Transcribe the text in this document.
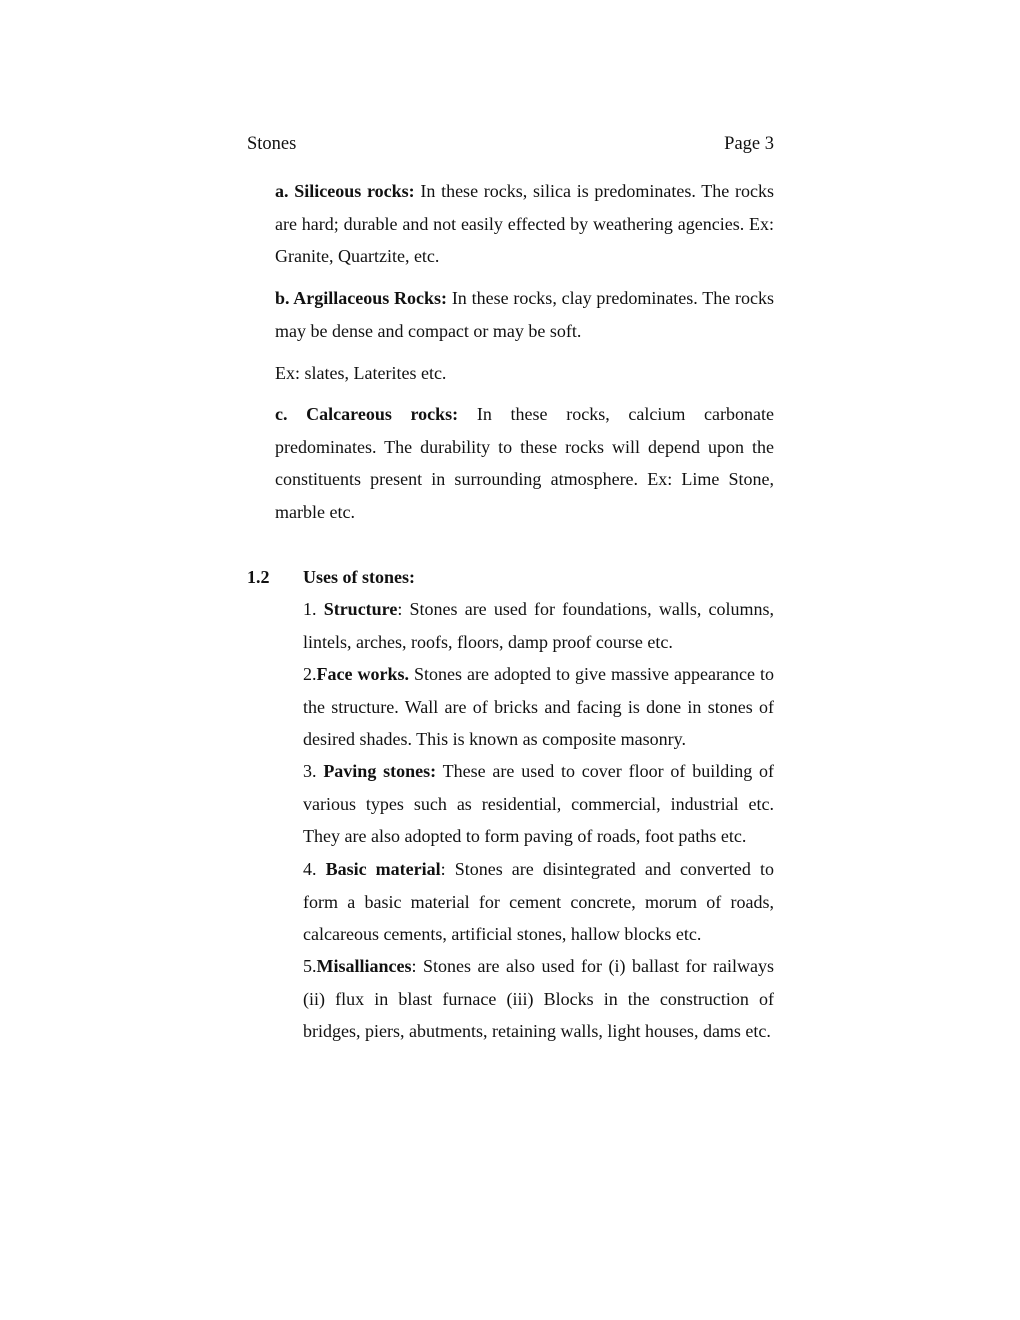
Stones	Page 3

a. Siliceous rocks: In these rocks, silica is predominates. The rocks are hard; durable and not easily effected by weathering agencies. Ex: Granite, Quartzite, etc.

b. Argillaceous Rocks: In these rocks, clay predominates. The rocks may be dense and compact or may be soft.

Ex: slates, Laterites etc.

c. Calcareous rocks: In these rocks, calcium carbonate predominates. The durability to these rocks will depend upon the constituents present in surrounding atmosphere. Ex: Lime Stone, marble etc.

1.2 Uses of stones:

1. Structure: Stones are used for foundations, walls, columns, lintels, arches, roofs, floors, damp proof course etc.

2.Face works. Stones are adopted to give massive appearance to the structure. Wall are of bricks and facing is done in stones of desired shades. This is known as composite masonry.

3. Paving stones: These are used to cover floor of building of various types such as residential, commercial, industrial etc. They are also adopted to form paving of roads, foot paths etc.

4. Basic material: Stones are disintegrated and converted to form a basic material for cement concrete, morum of roads, calcareous cements, artificial stones, hallow blocks etc.

5.Misalliances: Stones are also used for (i) ballast for railways (ii) flux in blast furnace (iii) Blocks in the construction of bridges, piers, abutments, retaining walls, light houses, dams etc.
